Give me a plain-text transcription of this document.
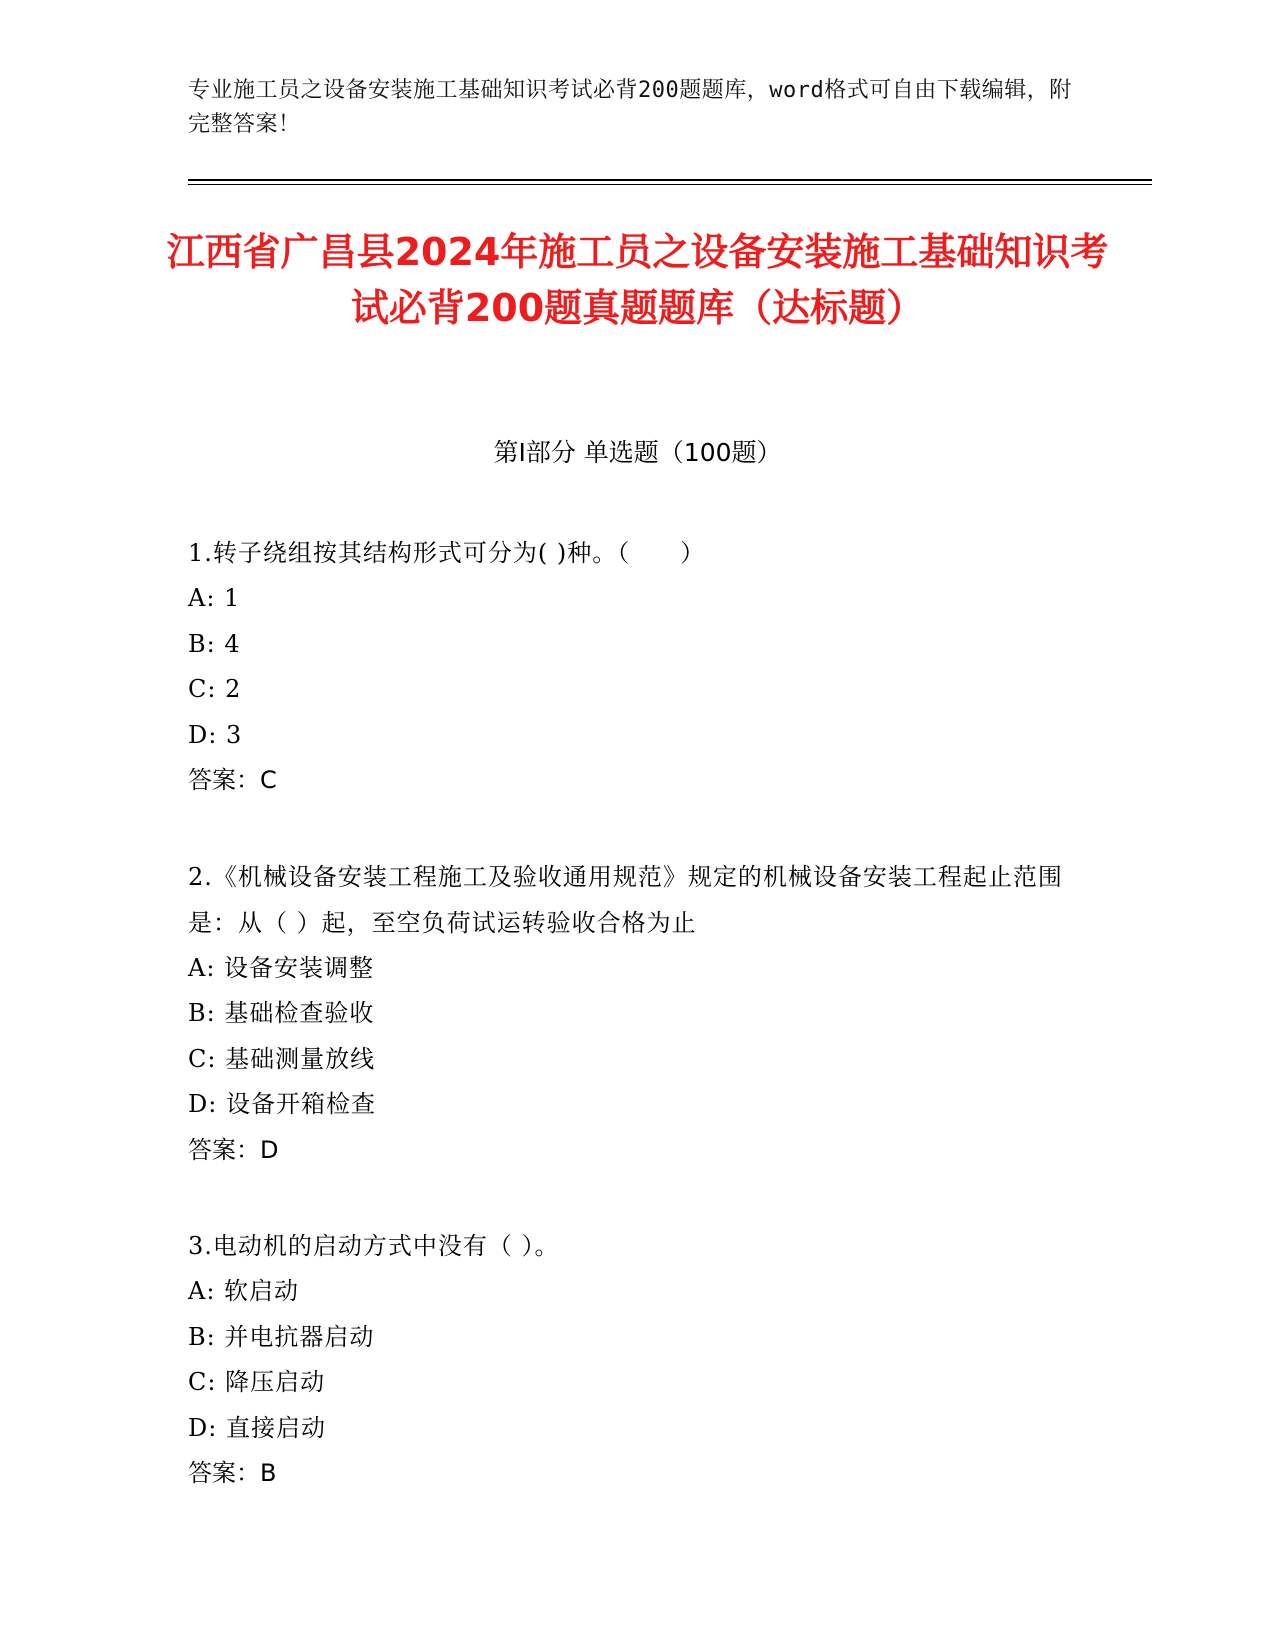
专业施工员之设备安装施工基础知识考试必背200题题库，word格式可自由下载编辑，附完整答案！
江西省广昌县2024年施工员之设备安装施工基础知识考试必背200题真题题库（达标题）
第Ⅰ部分 单选题（100题）
1.转子绕组按其结构形式可分为( )种。（　　）
A: 1
B: 4
C: 2
D: 3
答案：C
2.《机械设备安装工程施工及验收通用规范》规定的机械设备安装工程起止范围是：从（ ）起，至空负荷试运转验收合格为止
A: 设备安装调整
B: 基础检查验收
C: 基础测量放线
D: 设备开箱检查
答案：D
3.电动机的启动方式中没有（ ）。
A: 软启动
B: 并电抗器启动
C: 降压启动
D: 直接启动
答案：B
